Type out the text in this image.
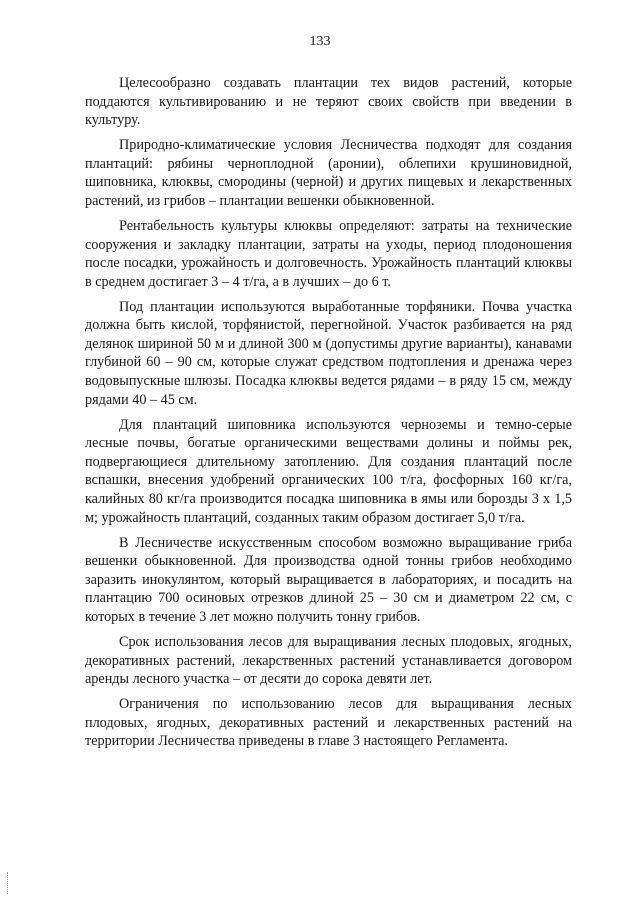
133

Целесообразно создавать плантации тех видов растений, которые поддаются культивированию и не теряют своих свойств при введении в культуру.

Природно-климатические условия Лесничества подходят для создания плантаций: рябины черноплодной (аронии), облепихи крушиновидной, шиповника, клюквы, смородины (черной) и других пищевых и лекарственных растений, из грибов – плантации вешенки обыкновенной.

Рентабельность культуры клюквы определяют: затраты на технические сооружения и закладку плантации, затраты на уходы, период плодоношения после посадки, урожайность и долговечность. Урожайность плантаций клюквы в среднем достигает 3 – 4 т/га, а в лучших – до 6 т.

Под плантации используются выработанные торфяники. Почва участка должна быть кислой, торфянистой, перегнойной. Участок разбивается на ряд делянок шириной 50 м и длиной 300 м (допустимы другие варианты), канавами глубиной 60 – 90 см, которые служат средством подтопления и дренажа через водовыпускные шлюзы. Посадка клюквы ведется рядами – в ряду 15 см, между рядами 40 – 45 см.

Для плантаций шиповника используются черноземы и темно-серые лесные почвы, богатые органическими веществами долины и поймы рек, подвергающиеся длительному затоплению. Для создания плантаций после вспашки, внесения удобрений органических 100 т/га, фосфорных 160 кг/га, калийных 80 кг/га производится посадка шиповника в ямы или борозды 3 х 1,5 м; урожайность плантаций, созданных таким образом достигает 5,0 т/га.

В Лесничестве искусственным способом возможно выращивание гриба вешенки обыкновенной. Для производства одной тонны грибов необходимо заразить инокулянтом, который выращивается в лабораториях, и посадить на плантацию 700 осиновых отрезков длиной 25 – 30 см и диаметром 22 см, с которых в течение 3 лет можно получить тонну грибов.

Срок использования лесов для выращивания лесных плодовых, ягодных, декоративных растений, лекарственных растений устанавливается договором аренды лесного участка – от десяти до сорока девяти лет.

Ограничения по использованию лесов для выращивания лесных плодовых, ягодных, декоративных растений и лекарственных растений на территории Лесничества приведены в главе 3 настоящего Регламента.
